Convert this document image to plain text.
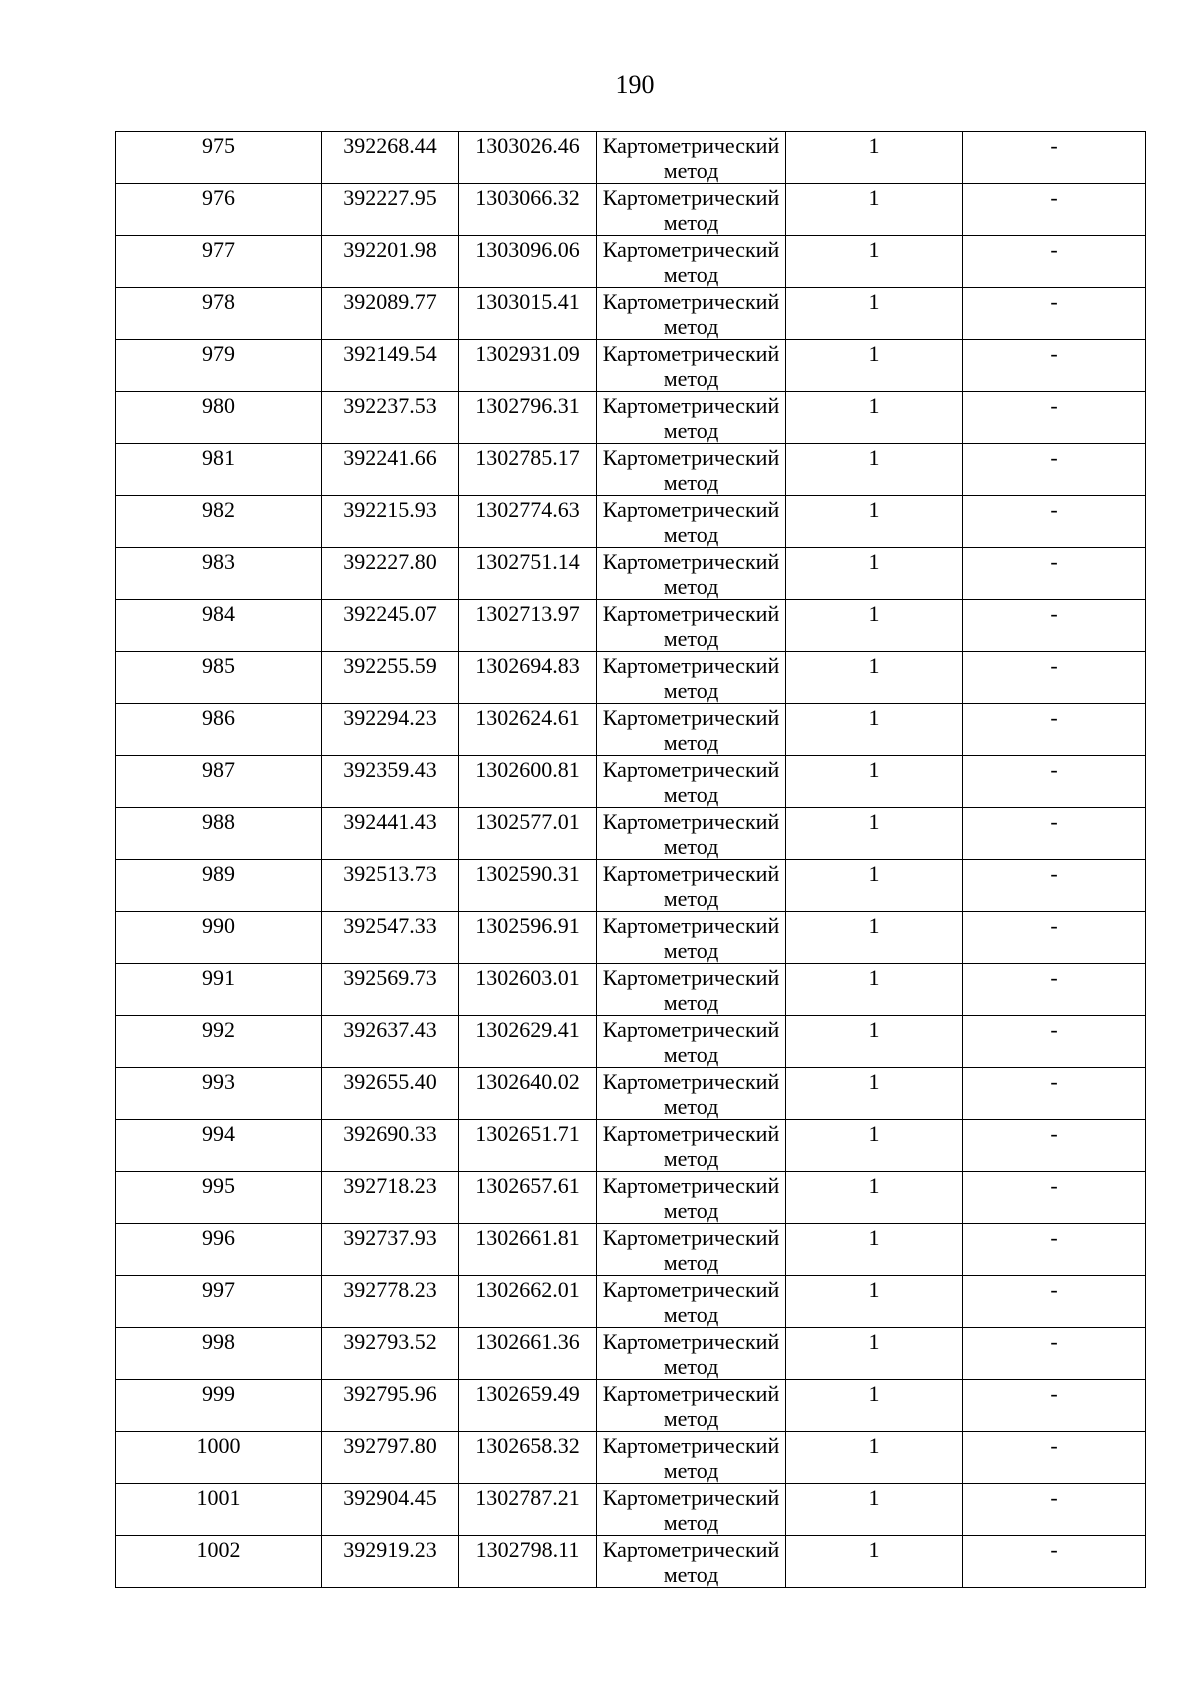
190
975	392268.44	1303026.46	Картометрический метод	1	-

976	392227.95	1303066.32	Картометрический метод	1	-

977	392201.98	1303096.06	Картометрический метод	1	-

978	392089.77	1303015.41	Картометрический метод	1	-

979	392149.54	1302931.09	Картометрический метод	1	-

980	392237.53	1302796.31	Картометрический метод	1	-

981	392241.66	1302785.17	Картометрический метод	1	-

982	392215.93	1302774.63	Картометрический метод	1	-

983	392227.80	1302751.14	Картометрический метод	1	-

984	392245.07	1302713.97	Картометрический метод	1	-

985	392255.59	1302694.83	Картометрический метод	1	-

986	392294.23	1302624.61	Картометрический метод	1	-

987	392359.43	1302600.81	Картометрический метод	1	-

988	392441.43	1302577.01	Картометрический метод	1	-

989	392513.73	1302590.31	Картометрический метод	1	-

990	392547.33	1302596.91	Картометрический метод	1	-

991	392569.73	1302603.01	Картометрический метод	1	-

992	392637.43	1302629.41	Картометрический метод	1	-

993	392655.40	1302640.02	Картометрический метод	1	-

994	392690.33	1302651.71	Картометрический метод	1	-

995	392718.23	1302657.61	Картометрический метод	1	-

996	392737.93	1302661.81	Картометрический метод	1	-

997	392778.23	1302662.01	Картометрический метод	1	-

998	392793.52	1302661.36	Картометрический метод	1	-

999	392795.96	1302659.49	Картометрический метод	1	-

1000	392797.80	1302658.32	Картометрический метод	1	-

1001	392904.45	1302787.21	Картометрический метод	1	-

1002	392919.23	1302798.11	Картометрический метод	1	-
